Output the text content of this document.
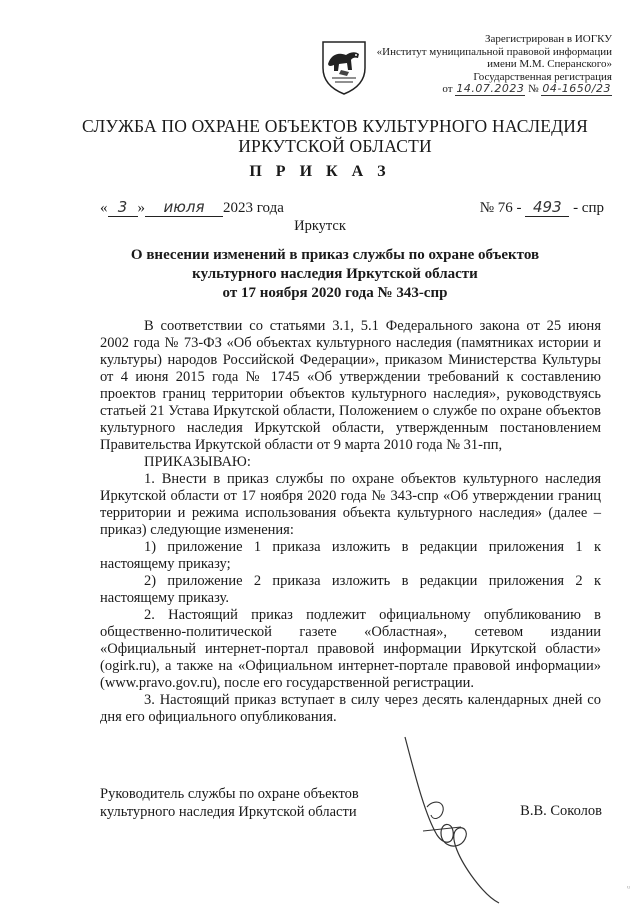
Зарегистрирован в ИОГКУ
«Институт муниципальной правовой информации
имени М.М. Сперанского»
Государственная регистрация
от 14.07.2023 № 04-1650/23
СЛУЖБА ПО ОХРАНЕ ОБЪЕКТОВ КУЛЬТУРНОГО НАСЛЕДИЯ
ИРКУТСКОЙ ОБЛАСТИ
П Р И К А З
« 3 » июля 2023 года	№ 76 - 493 - спр
Иркутск
О внесении изменений в приказ службы по охране объектов
культурного наследия Иркутской области
от 17 ноября 2020 года № 343-спр

В соответствии со статьями 3.1, 5.1 Федерального закона от 25 июня 2002 года № 73-ФЗ «Об объектах культурного наследия (памятниках истории и культуры) народов Российской Федерации», приказом Министерства Культуры от 4 июня 2015 года № 1745 «Об утверждении требований к составлению проектов границ территории объектов культурного наследия», руководствуясь статьей 21 Устава Иркутской области, Положением о службе по охране объектов культурного наследия Иркутской области, утвержденным постановлением Правительства Иркутской области от 9 марта 2010 года № 31-пп,

ПРИКАЗЫВАЮ:

1. Внести в приказ службы по охране объектов культурного наследия Иркутской области от 17 ноября 2020 года № 343-спр «Об утверждении границ территории и режима использования объекта культурного наследия» (далее – приказ) следующие изменения:

1) приложение 1 приказа изложить в редакции приложения 1 к настоящему приказу;

2) приложение 2 приказа изложить в редакции приложения 2 к настоящему приказу.

2. Настоящий приказ подлежит официальному опубликованию в общественно-политической газете «Областная», сетевом издании «Официальный интернет-портал правовой информации Иркутской области» (ogirk.ru), а также на «Официальном интернет-портале правовой информации» (www.pravo.gov.ru), после его государственной регистрации.

3. Настоящий приказ вступает в силу через десять календарных дней со дня его официального опубликования.

Руководитель службы по охране объектов
культурного наследия Иркутской области	В.В. Соколов
ᵘ
